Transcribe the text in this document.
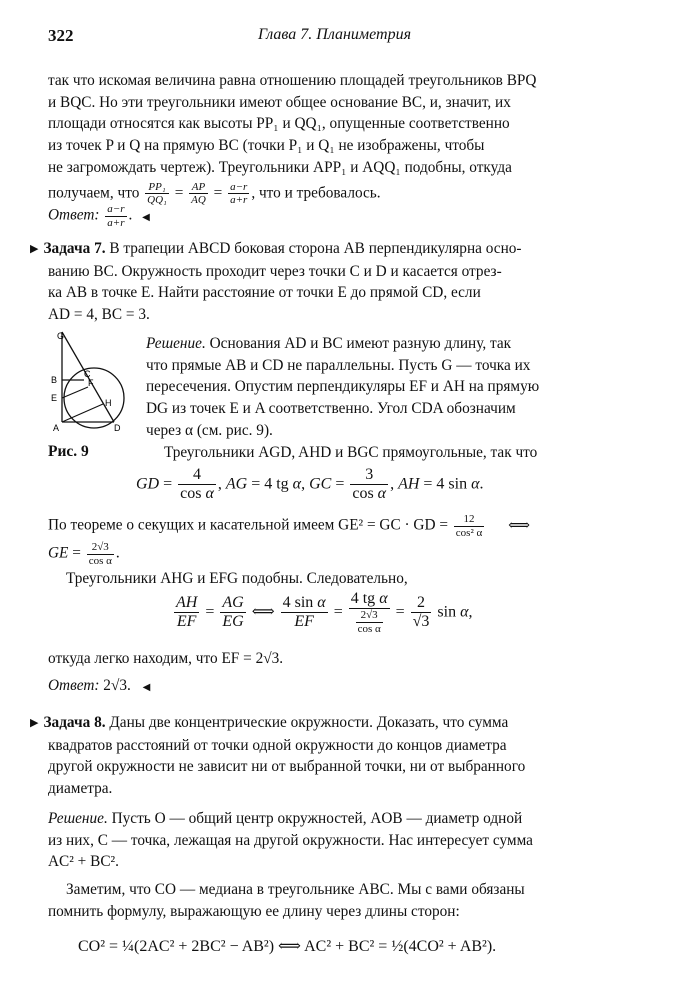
322	Глава 7. Планиметрия
так что искомая величина равна отношению площадей треугольников BPQ
и BQC. Но эти треугольники имеют общее основание BC, и, значит, их
площади относятся как высоты PP₁ и QQ₁, опущенные соответственно
из точек P и Q на прямую BC (точки P₁ и Q₁ не изображены, чтобы
не загромождать чертеж). Треугольники APP₁ и AQQ₁ подобны, откуда
получаем, что $\frac{\text{PP₁}}{\text{QQ₁}} = \frac{AP}{AQ} = \frac{a-r}{a+r}$ , что и требовалось.
Ответ: $\frac{a-r}{a+r}$ . ◀
▶ Задача 7. В трапеции ABCD боковая сторона AB перпендикулярна осно-
ванию BC. Окружность проходит через точки C и D и касается отрез-
ка AB в точке E. Найти расстояние от точки E до прямой CD, если
AD = 4, BC = 3.
G
C
B	F
E	H
A	D
Рис. 9
Решение. Основания AD и BC имеют разную длину, так
что прямые AB и CD не параллельны. Пусть G — точка их
пересечения. Опустим перпендикуляры EF и AH на прямую
DG из точек E и A соответственно. Угол CDA обозначим
через α (см. рис. 9).
Треугольники AGD, AHD и BGC прямоугольные, так что
GD = $\frac{4}{\text{cos α}}$ , AG = 4 tg α, GC = $\frac{3}{\text{cos α}}$ , AH = 4 sin α.
По теореме о секущих и касательной имеем GE² = GC · GD = $\frac{12}{\text{cos² α}}$ ⟺
GE = $\frac{2√3}{\text{cos α}}$ .
Треугольники AHG и EFG подобны. Следовательно,
$\frac{AH}{EF} = \frac{AG}{EG}$ ⟺ $\frac{\text{4 sin α}}{EF} = \frac{\text{4 tg α}}{\frac{2√3}{\text{cos α}}} = \frac{2}{√3}$ sin α,
откуда легко находим, что EF = 2√3.
Ответ: 2√3. ◀
▶ Задача 8. Даны две концентрические окружности. Доказать, что сумма
квадратов расстояний от точки одной окружности до концов диаметра
другой окружности не зависит ни от выбранной точки, ни от выбранного
диаметра.
Решение. Пусть O — общий центр окружностей, AOB — диаметр одной
из них, C — точка, лежащая на другой окружности. Нас интересует сумма
AC² + BC².
Заметим, что CO — медиана в треугольнике ABC. Мы с вами обязаны
помнить формулу, выражающую ее длину через длины сторон:
CO² = ¼(2AC² + 2BC² − AB²) ⟺ AC² + BC² = ½(4CO² + AB²).
